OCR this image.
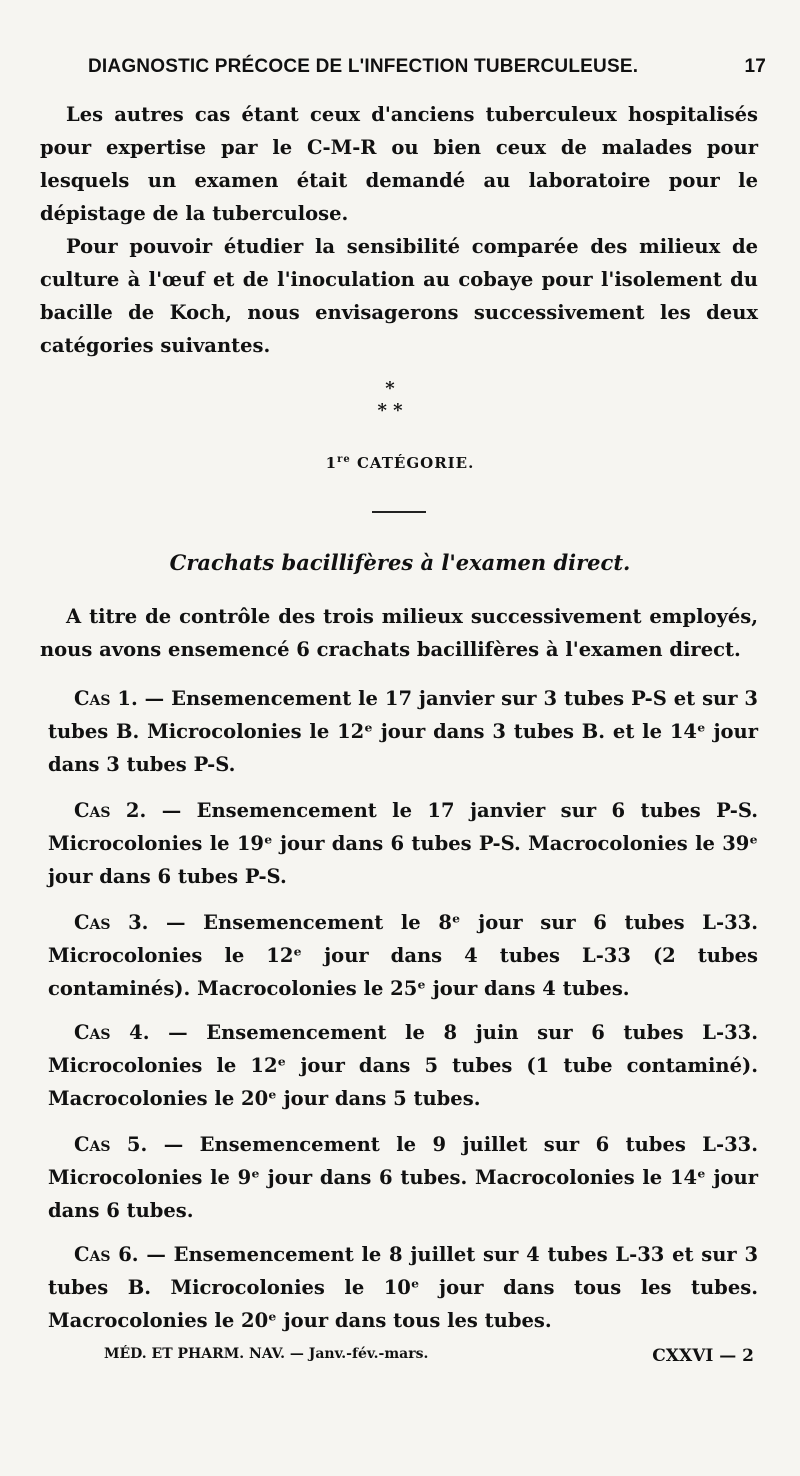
DIAGNOSTIC PRÉCOCE DE L'INFECTION TUBERCULEUSE.	17

Les autres cas étant ceux d'anciens tuberculeux hospitalisés pour expertise par le C-M-R ou bien ceux de malades pour lesquels un examen était demandé au laboratoire pour le dépistage de la tuberculose.

Pour pouvoir étudier la sensibilité comparée des milieux de culture à l'œuf et de l'inoculation au cobaye pour l'isolement du bacille de Koch, nous envisagerons successivement les deux catégories suivantes.

*
* *
1re CATÉGORIE.
Crachats bacillifères à l'examen direct.

A titre de contrôle des trois milieux successivement employés, nous avons ensemencé 6 crachats bacillifères à l'examen direct.

Cas 1. — Ensemencement le 17 janvier sur 3 tubes P-S et sur 3 tubes B. Microcolonies le 12ᵉ jour dans 3 tubes B. et le 14ᵉ jour dans 3 tubes P-S.

Cas 2. — Ensemencement le 17 janvier sur 6 tubes P-S. Microcolonies le 19ᵉ jour dans 6 tubes P-S. Macrocolonies le 39ᵉ jour dans 6 tubes P-S.

Cas 3. — Ensemencement le 8ᵉ jour sur 6 tubes L-33. Microcolonies le 12ᵉ jour dans 4 tubes L-33 (2 tubes contaminés). Macrocolonies le 25ᵉ jour dans 4 tubes.

Cas 4. — Ensemencement le 8 juin sur 6 tubes L-33. Microcolonies le 12ᵉ jour dans 5 tubes (1 tube contaminé). Macrocolonies le 20ᵉ jour dans 5 tubes.

Cas 5. — Ensemencement le 9 juillet sur 6 tubes L-33. Microcolonies le 9ᵉ jour dans 6 tubes. Macrocolonies le 14ᵉ jour dans 6 tubes.

Cas 6. — Ensemencement le 8 juillet sur 4 tubes L-33 et sur 3 tubes B. Microcolonies le 10ᵉ jour dans tous les tubes. Macrocolonies le 20ᵉ jour dans tous les tubes.

MÉD. ET PHARM. NAV. — Janv.-fév.-mars.	CXXVI — 2
